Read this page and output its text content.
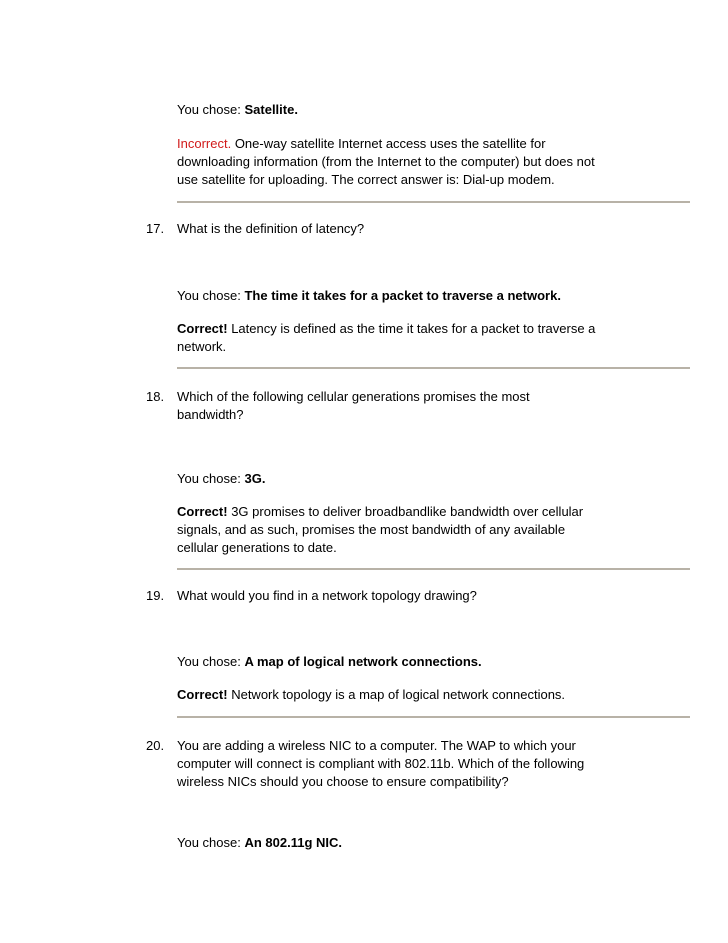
You chose: Satellite.
Incorrect. One-way satellite Internet access uses the satellite for
downloading information (from the Internet to the computer) but does not
use satellite for uploading. The correct answer is: Dial-up modem.
17. What is the definition of latency?
You chose: The time it takes for a packet to traverse a network.
Correct! Latency is defined as the time it takes for a packet to traverse a
network.
18. Which of the following cellular generations promises the most
bandwidth?
You chose: 3G.
Correct! 3G promises to deliver broadbandlike bandwidth over cellular
signals, and as such, promises the most bandwidth of any available
cellular generations to date.
19. What would you find in a network topology drawing?
You chose: A map of logical network connections.
Correct! Network topology is a map of logical network connections.
20. You are adding a wireless NIC to a computer. The WAP to which your
computer will connect is compliant with 802.11b. Which of the following
wireless NICs should you choose to ensure compatibility?
You chose: An 802.11g NIC.
